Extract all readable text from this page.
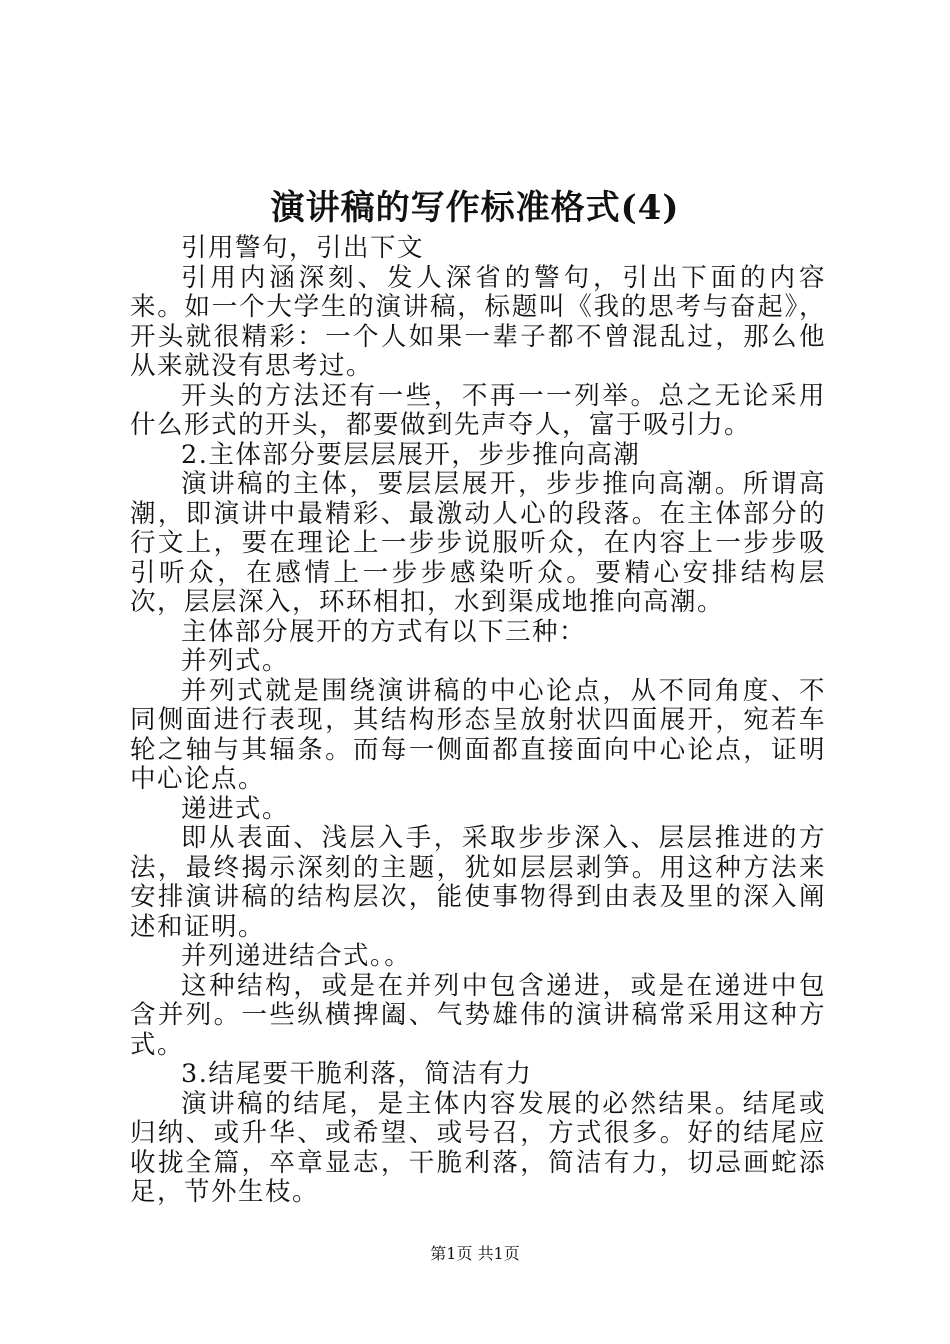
演讲稿的写作标准格式(4)

引用警句，引出下文

引用内涵深刻、发人深省的警句，引出下面的内容来。如一个大学生的演讲稿，标题叫《我的思考与奋起》，开头就很精彩：一个人如果一辈子都不曾混乱过，那么他从来就没有思考过。

开头的方法还有一些，不再一一列举。总之无论采用什么形式的开头，都要做到先声夺人，富于吸引力。

2.主体部分要层层展开，步步推向高潮

演讲稿的主体，要层层展开，步步推向高潮。所谓高潮，即演讲中最精彩、最激动人心的段落。在主体部分的行文上，要在理论上一步步说服听众，在内容上一步步吸引听众，在感情上一步步感染听众。要精心安排结构层次，层层深入，环环相扣，水到渠成地推向高潮。

主体部分展开的方式有以下三种：

并列式。

并列式就是围绕演讲稿的中心论点，从不同角度、不同侧面进行表现，其结构形态呈放射状四面展开，宛若车轮之轴与其辐条。而每一侧面都直接面向中心论点，证明中心论点。

递进式。

即从表面、浅层入手，采取步步深入、层层推进的方法，最终揭示深刻的主题，犹如层层剥笋。用这种方法来安排演讲稿的结构层次，能使事物得到由表及里的深入阐述和证明。

并列递进结合式。。

这种结构，或是在并列中包含递进，或是在递进中包含并列。一些纵横捭阖、气势雄伟的演讲稿常采用这种方式。

3.结尾要干脆利落，简洁有力

演讲稿的结尾，是主体内容发展的必然结果。结尾或归纳、或升华、或希望、或号召，方式很多。好的结尾应收拢全篇，卒章显志，干脆利落，简洁有力，切忌画蛇添足，节外生枝。

第1页 共1页
